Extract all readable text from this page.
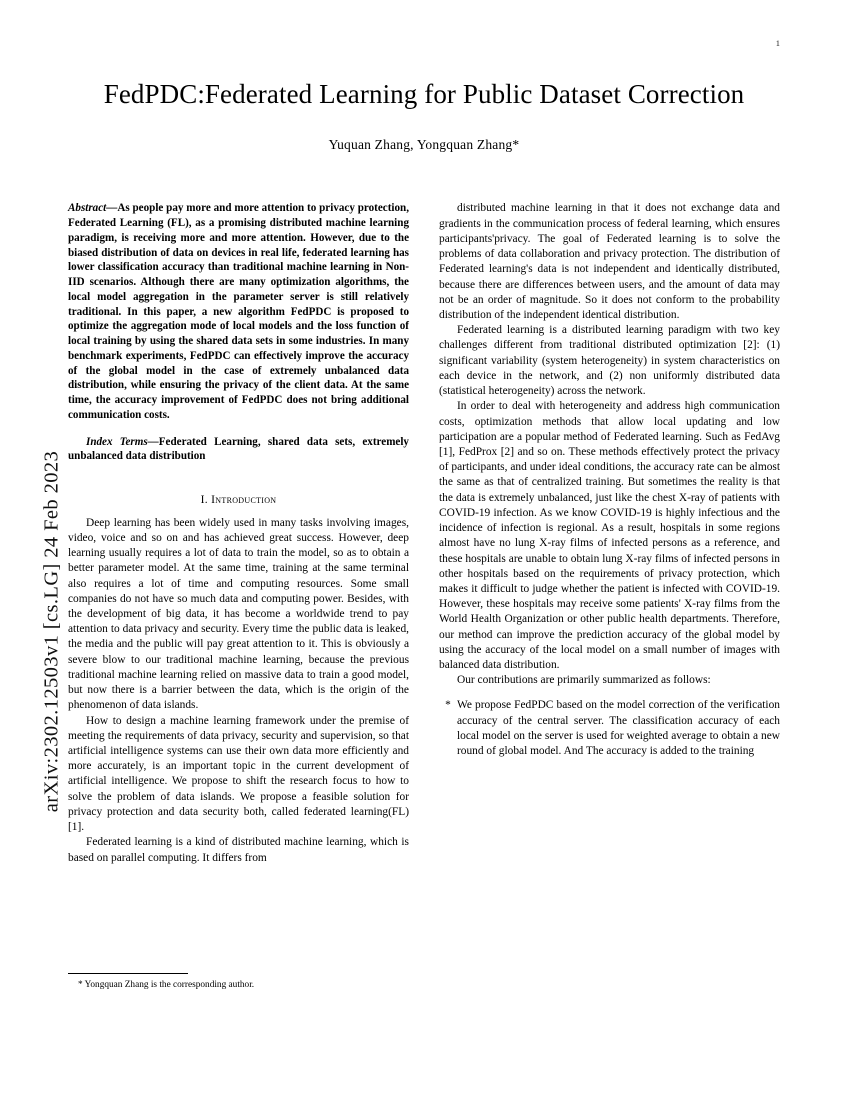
arXiv:2302.12503v1 [cs.LG] 24 Feb 2023
1
FedPDC:Federated Learning for Public Dataset Correction
Yuquan Zhang, Yongquan Zhang*
Abstract—As people pay more and more attention to privacy protection, Federated Learning (FL), as a promising distributed machine learning paradigm, is receiving more and more attention. However, due to the biased distribution of data on devices in real life, federated learning has lower classification accuracy than traditional machine learning in Non-IID scenarios. Although there are many optimization algorithms, the local model aggregation in the parameter server is still relatively traditional. In this paper, a new algorithm FedPDC is proposed to optimize the aggregation mode of local models and the loss function of local training by using the shared data sets in some industries. In many benchmark experiments, FedPDC can effectively improve the accuracy of the global model in the case of extremely unbalanced data distribution, while ensuring the privacy of the client data. At the same time, the accuracy improvement of FedPDC does not bring additional communication costs.
Index Terms—Federated Learning, shared data sets, extremely unbalanced data distribution
I. Introduction

Deep learning has been widely used in many tasks involving images, video, voice and so on and has achieved great success. However, deep learning usually requires a lot of data to train the model, so as to obtain a better parameter model. At the same time, training at the same terminal also requires a lot of time and computing resources. Some small companies do not have so much data and computing power. Besides, with the development of big data, it has become a worldwide trend to pay attention to data privacy and security. Every time the public data is leaked, the media and the public will pay great attention to it. This is obviously a severe blow to our traditional machine learning, because the previous traditional machine learning relied on massive data to train a good model, but now there is a barrier between the data, which is the origin of the phenomenon of data islands.

How to design a machine learning framework under the premise of meeting the requirements of data privacy, security and supervision, so that artificial intelligence systems can use their own data more efficiently and more accurately, is an important topic in the current development of artificial intelligence. We propose to shift the research focus to how to solve the problem of data islands. We propose a feasible solution for privacy protection and data security both, called federated learning(FL) [1].

Federated learning is a kind of distributed machine learning, which is based on parallel computing. It differs from

* Yongquan Zhang is the corresponding author.

distributed machine learning in that it does not exchange data and gradients in the communication process of federal learning, which ensures participants'privacy. The goal of Federated learning is to solve the problems of data collaboration and privacy protection. The distribution of Federated learning's data is not independent and identically distributed, because there are differences between users, and the amount of data may not be an order of magnitude. So it does not conform to the probability distribution of the independent identical distribution.

Federated learning is a distributed learning paradigm with two key challenges different from traditional distributed optimization [2]: (1) significant variability (system heterogeneity) in system characteristics on each device in the network, and (2) non uniformly distributed data (statistical heterogeneity) across the network.

In order to deal with heterogeneity and address high communication costs, optimization methods that allow local updating and low participation are a popular method of Federated learning. Such as FedAvg [1], FedProx [2] and so on. These methods effectively protect the privacy of participants, and under ideal conditions, the accuracy rate can be almost the same as that of centralized training. But sometimes the reality is that the data is extremely unbalanced, just like the chest X-ray of patients with COVID-19 infection. As we know COVID-19 is highly infectious and the incidence of infection is regional. As a result, hospitals in some regions almost have no lung X-ray films of infected persons as a reference, and these hospitals are unable to obtain lung X-ray films of infected persons in other hospitals based on the requirements of privacy protection, which makes it difficult to judge whether the patient is infected with COVID-19. However, these hospitals may receive some patients' X-ray films from the World Health Organization or other public health departments. Therefore, our method can improve the prediction accuracy of the global model by using the accuracy of the local model on a small number of images with balanced data distribution.

Our contributions are primarily summarized as follows:

* We propose FedPDC based on the model correction of the verification accuracy of the central server. The classification accuracy of each local model on the server is used for weighted average to obtain a new round of global model. And The accuracy is added to the training
